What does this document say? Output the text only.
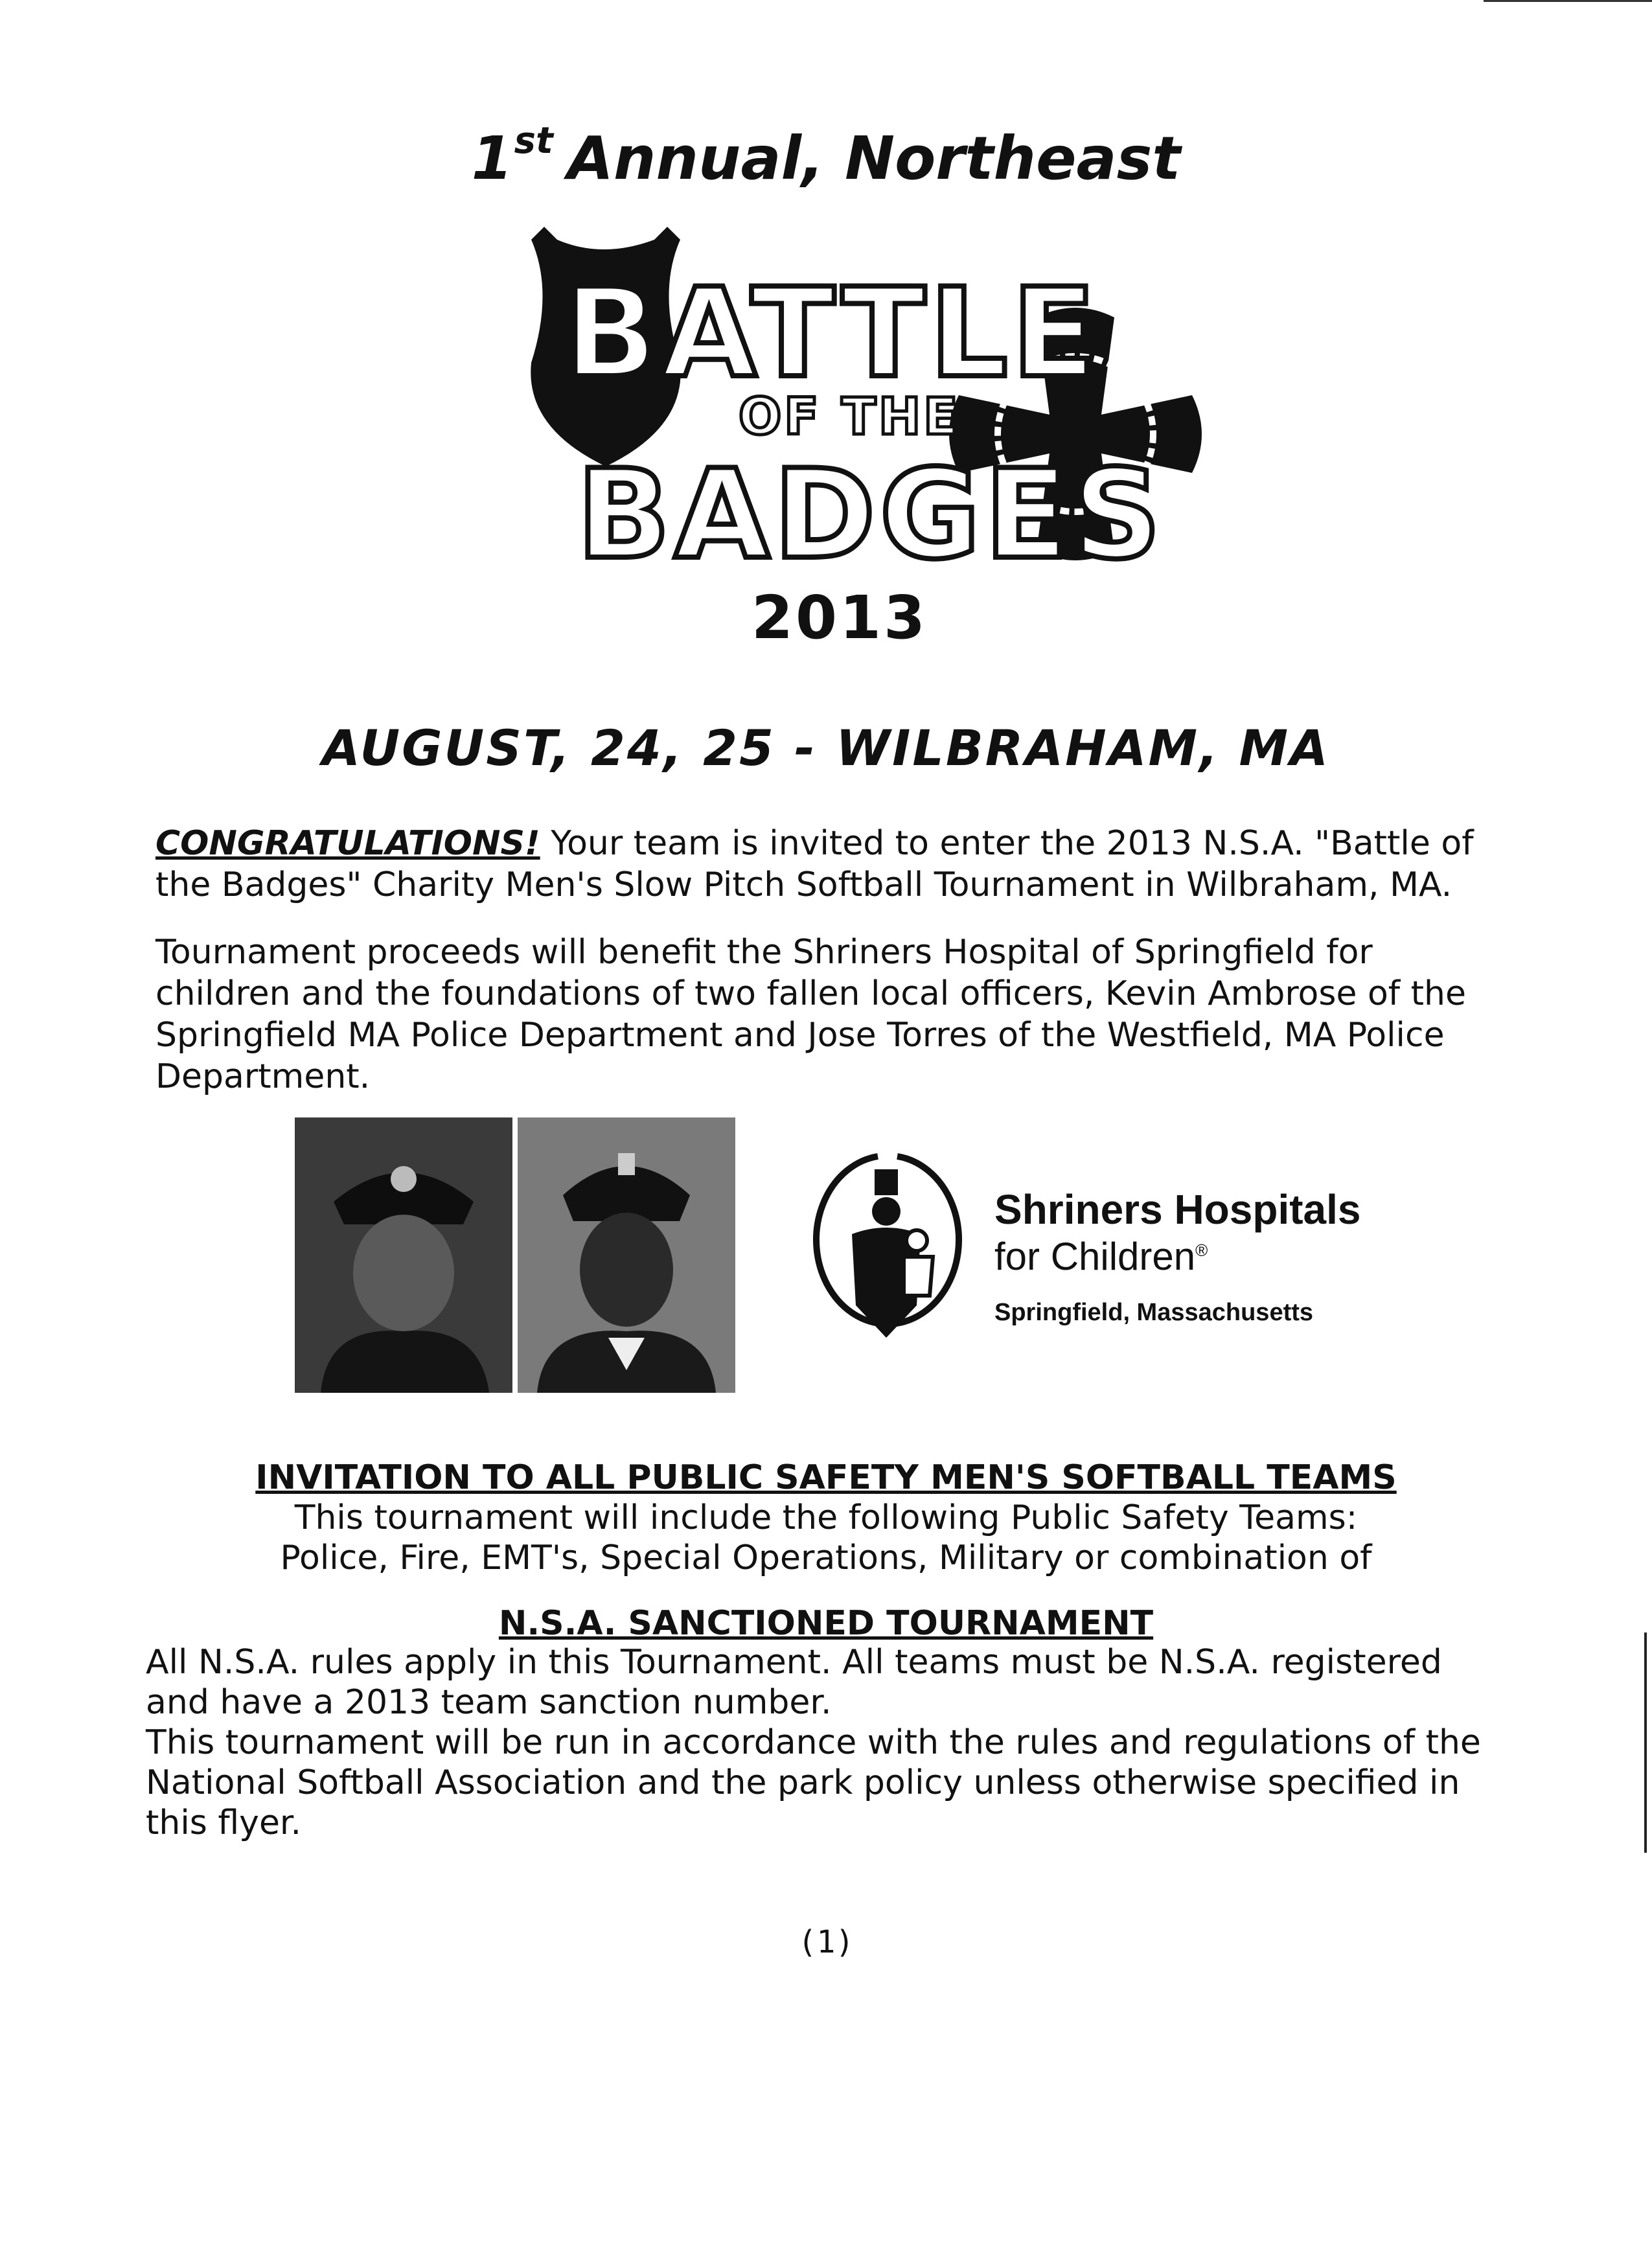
1st Annual, Northeast
BATTLE
OF THE
BADGES
2013
AUGUST, 24, 25 - WILBRAHAM, MA
CONGRATULATIONS! Your team is invited to enter the 2013 N.S.A. "Battle of the Badges" Charity Men's Slow Pitch Softball Tournament in Wilbraham, MA.
Tournament proceeds will benefit the Shriners Hospital of Springfield for children and the foundations of two fallen local officers, Kevin Ambrose of the Springfield MA Police Department and Jose Torres of the Westfield, MA Police Department.
Shriners Hospitals
for Children®
Springfield, Massachusetts
INVITATION TO ALL PUBLIC SAFETY MEN'S SOFTBALL TEAMS
This tournament will include the following Public Safety Teams:
Police, Fire, EMT's, Special Operations, Military or combination of
N.S.A. SANCTIONED TOURNAMENT
All N.S.A. rules apply in this Tournament. All teams must be N.S.A. registered and have a 2013 team sanction number.
This tournament will be run in accordance with the rules and regulations of the National Softball Association and the park policy unless otherwise specified in this flyer.
(1)
